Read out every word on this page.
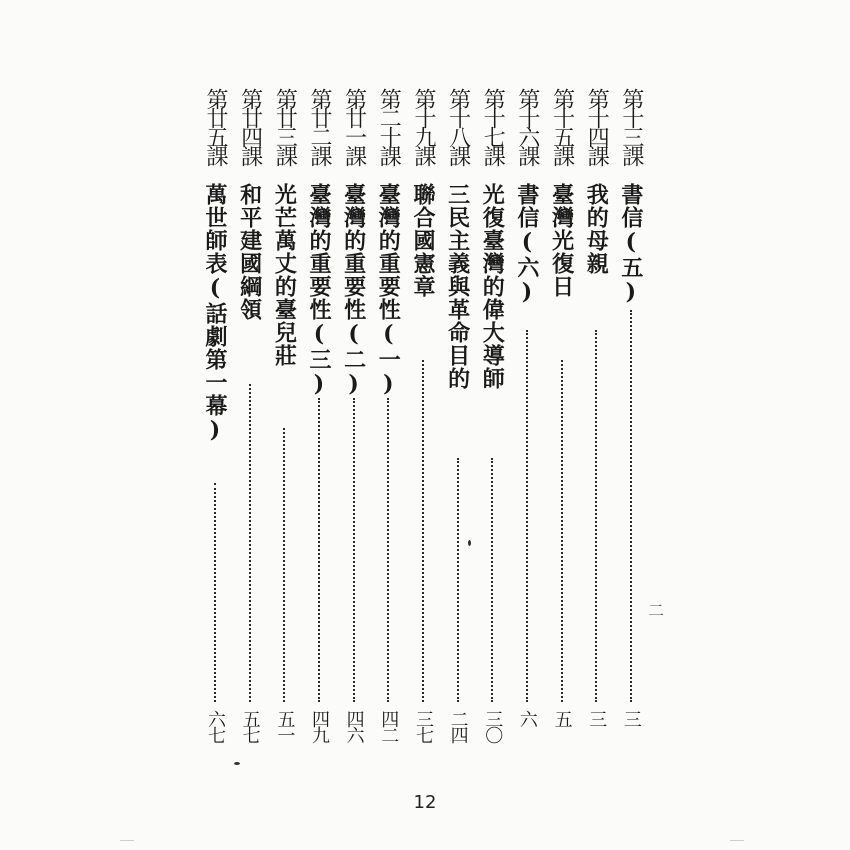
第十三課
書信(五)
三
第十四課
我的母親
三
第十五課
臺灣光復日
五
第十六課
書信(六)
六
第十七課
光復臺灣的偉大導師
三〇
第十八課
三民主義與革命目的
二四
第十九課
聯合國憲章
三七
第二十課
臺灣的重要性(一)
四二
第廿一課
臺灣的重要性(二)
四六
第廿二課
臺灣的重要性(三)
四九
第廿三課
光芒萬丈的臺兒莊
五一
第廿四課
和平建國綱領
五七
第廿五課
萬世師表(話劇第一幕)
六七
二
12
